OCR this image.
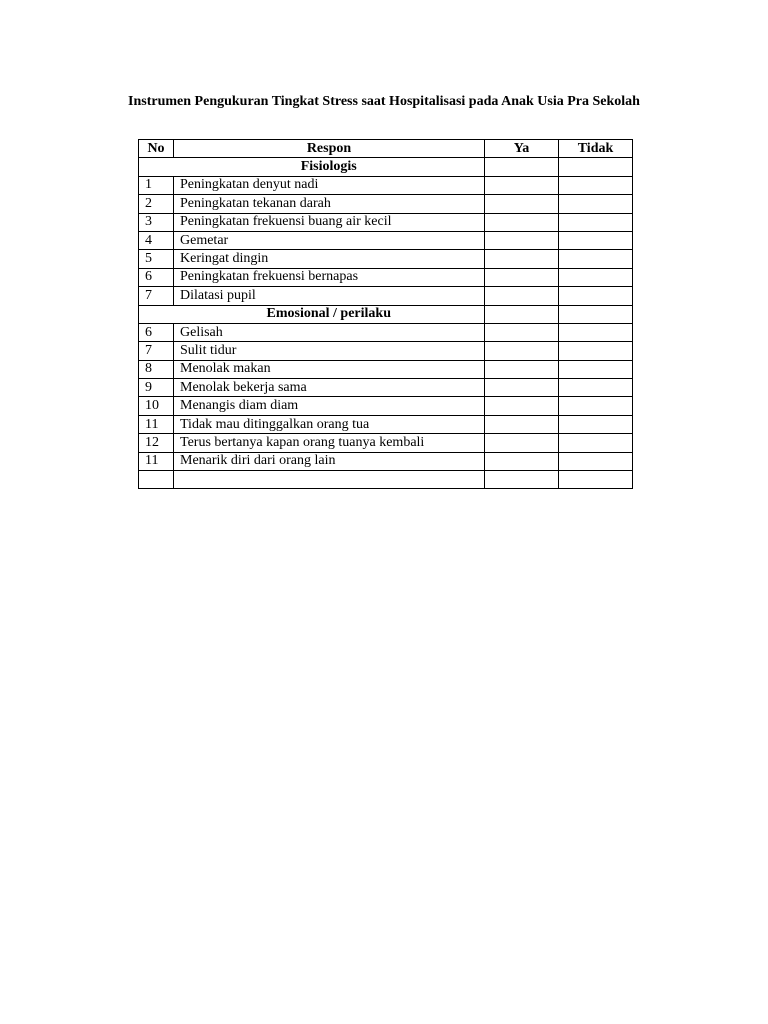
Instrumen Pengukuran Tingkat Stress saat Hospitalisasi pada Anak Usia Pra Sekolah
No	Respon	Ya	Tidak
	Fisiologis		
1	Peningkatan denyut nadi		
2	Peningkatan tekanan darah		
3	Peningkatan frekuensi buang air kecil		
4	Gemetar		
5	Keringat dingin		
6	Peningkatan frekuensi bernapas		
7	Dilatasi pupil		
	Emosional / perilaku		
6	Gelisah		
7	Sulit tidur		
8	Menolak makan		
9	Menolak bekerja sama		
10	Menangis diam diam		
11	Tidak mau ditinggalkan orang tua		
12	Terus bertanya kapan orang tuanya kembali		
11	Menarik diri dari orang lain		
